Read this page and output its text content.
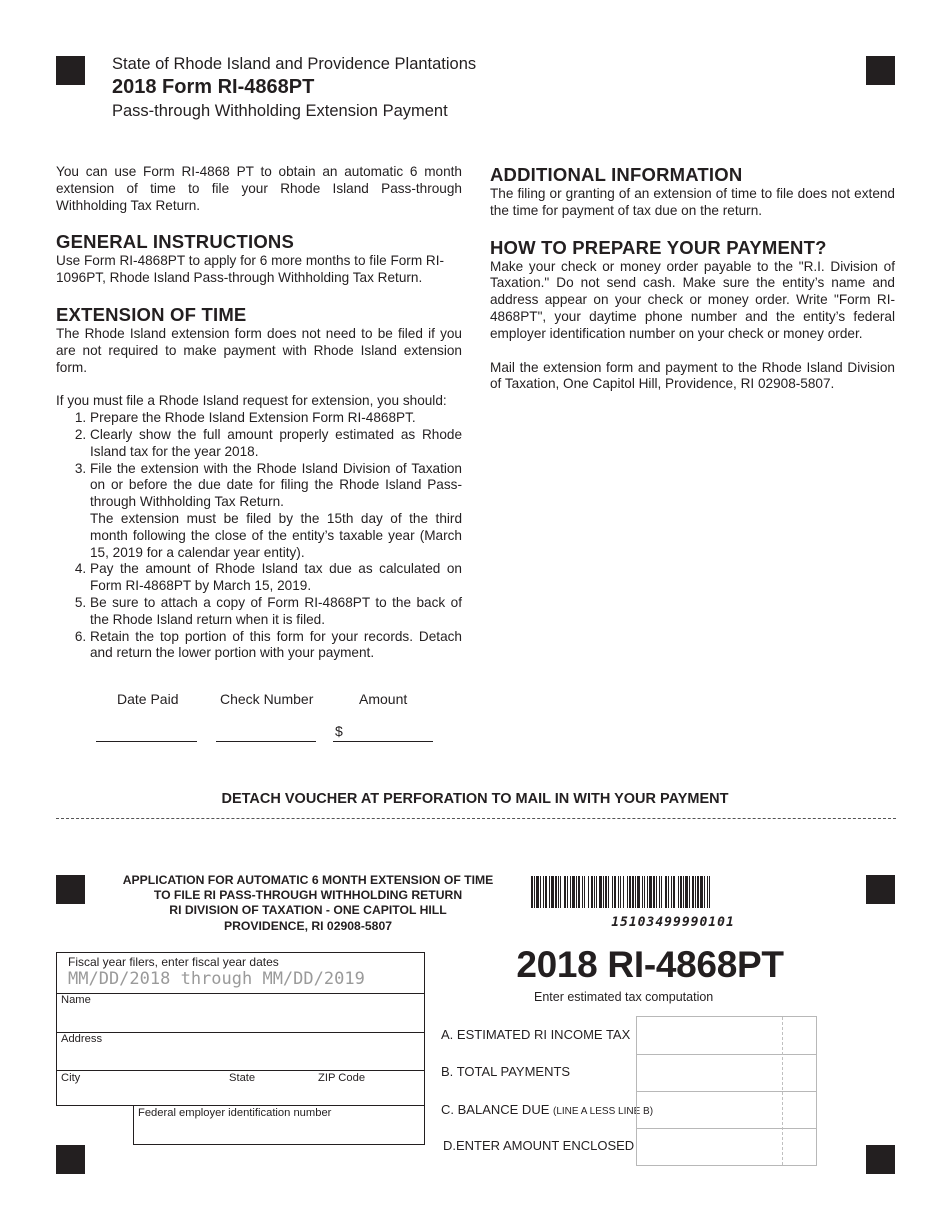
State of Rhode Island and Providence Plantations
2018 Form RI-4868PT
Pass-through Withholding Extension Payment

You can use Form RI-4868 PT to obtain an automatic 6 month extension of time to file your Rhode Island Pass-through Withholding Tax Return.

GENERAL INSTRUCTIONS

Use Form RI-4868PT to apply for 6 more months to file Form RI-1096PT, Rhode Island Pass-through Withholding Tax Return.

EXTENSION OF TIME

The Rhode Island extension form does not need to be filed if you are not required to make payment with Rhode Island extension form.

If you must file a Rhode Island request for extension, you should:

1. Prepare the Rhode Island Extension Form RI-4868PT.
2. Clearly show the full amount properly estimated as Rhode Island tax for the year 2018.
3. File the extension with the Rhode Island Division of Taxation on or before the due date for filing the Rhode Island Pass-through Withholding Tax Return.
The extension must be filed by the 15th day of the third month following the close of the entity’s taxable year (March 15, 2019 for a calendar year entity).
4. Pay the amount of Rhode Island tax due as calculated on Form RI-4868PT by March 15, 2019.
5. Be sure to attach a copy of Form RI-4868PT to the back of the Rhode Island return when it is filed.
6. Retain the top portion of this form for your records. Detach and return the lower portion with your payment.
ADDITIONAL INFORMATION

The filing or granting of an extension of time to file does not extend the time for payment of tax due on the return.

HOW TO PREPARE YOUR PAYMENT?

Make your check or money order payable to the "R.I. Division of Taxation." Do not send cash. Make sure the entity’s name and address appear on your check or money order. Write "Form RI-4868PT", your daytime phone number and the entity’s federal employer identification number on your check or money order.

Mail the extension form and payment to the Rhode Island Division of Taxation, One Capitol Hill, Providence, RI 02908-5807.

Date Paid	Check Number	Amount
$
DETACH VOUCHER AT PERFORATION TO MAIL IN WITH YOUR PAYMENT
APPLICATION FOR AUTOMATIC 6 MONTH EXTENSION OF TIME
TO FILE RI PASS-THROUGH WITHHOLDING RETURN
RI DIVISION OF TAXATION - ONE CAPITOL HILL
PROVIDENCE, RI 02908-5807	15103499990101
2018 RI-4868PT
Enter estimated tax computation
Fiscal year filers, enter fiscal year dates
MM/DD/2018 through MM/DD/2019
Name
Address
City	State	ZIP Code
Federal employer identification number
A. ESTIMATED RI INCOME TAX
B. TOTAL PAYMENTS
C. BALANCE DUE (LINE A LESS LINE B)
D.ENTER AMOUNT ENCLOSED
